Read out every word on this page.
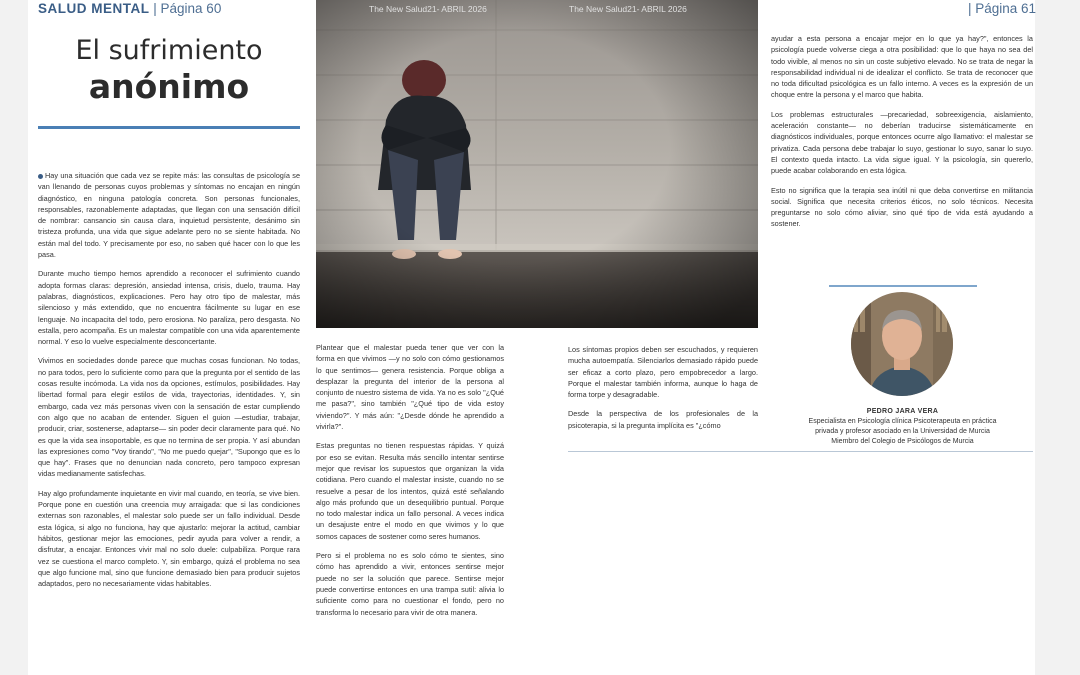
SALUD MENTAL | Página 60	| Página 61
El sufrimiento
anónimo
The New Salud21- ABRIL 2026	The New Salud21- ABRIL 2026

Hay una situación que cada vez se repite más: las consultas de psicología se van llenando de personas cuyos problemas y síntomas no encajan en ningún diagnóstico, en ninguna patología concreta. Son personas funcionales, responsables, razonablemente adaptadas, que llegan con una sensación difícil de nombrar: cansancio sin causa clara, inquietud persistente, desánimo sin tristeza profunda, una vida que sigue adelante pero no se siente habitada. No están mal del todo. Y precisamente por eso, no saben qué hacer con lo que les pasa.

Durante mucho tiempo hemos aprendido a reconocer el sufrimiento cuando adopta formas claras: depresión, ansiedad intensa, crisis, duelo, trauma. Hay palabras, diagnósticos, explicaciones. Pero hay otro tipo de malestar, más silencioso y más extendido, que no encuentra fácilmente su lugar en ese lenguaje. No incapacita del todo, pero erosiona. No paraliza, pero desgasta. No estalla, pero acompaña. Es un malestar compatible con una vida aparentemente normal. Y eso lo vuelve especialmente desconcertante.

Vivimos en sociedades donde parece que muchas cosas funcionan. No todas, no para todos, pero lo suficiente como para que la pregunta por el sentido de las cosas resulte incómoda. La vida nos da opciones, estímulos, posibilidades. Hay libertad formal para elegir estilos de vida, trayectorias, identidades. Y, sin embargo, cada vez más personas viven con la sensación de estar cumpliendo con algo que no acaban de entender. Siguen el guion —estudiar, trabajar, producir, criar, sostenerse, adaptarse— sin poder decir claramente para qué. No es que la vida sea insoportable, es que no termina de ser propia. Y así abundan las expresiones como "Voy tirando", "No me puedo quejar", "Supongo que es lo que hay". Frases que no denuncian nada concreto, pero tampoco expresan vidas medianamente satisfechas.

Hay algo profundamente inquietante en vivir mal cuando, en teoría, se vive bien. Porque pone en cuestión una creencia muy arraigada: que si las condiciones externas son razonables, el malestar solo puede ser un fallo individual. Desde esta lógica, si algo no funciona, hay que ajustarlo: mejorar la actitud, cambiar hábitos, gestionar mejor las emociones, pedir ayuda para volver a rendir, a disfrutar, a encajar. Entonces vivir mal no solo duele: culpabiliza. Porque rara vez se cuestiona el marco completo. Y, sin embargo, quizá el problema no sea que algo funcione mal, sino que funcione demasiado bien para producir sujetos adaptados, pero no necesariamente vidas habitables.

Plantear que el malestar pueda tener que ver con la forma en que vivimos —y no solo con cómo gestionamos lo que sentimos— genera resistencia. Porque obliga a desplazar la pregunta del interior de la persona al conjunto de nuestro sistema de vida. Ya no es solo "¿Qué me pasa?", sino también "¿Qué tipo de vida estoy viviendo?". Y más aún: "¿Desde dónde he aprendido a vivirla?".

Estas preguntas no tienen respuestas rápidas. Y quizá por eso se evitan. Resulta más sencillo intentar sentirse mejor que revisar los supuestos que organizan la vida cotidiana. Pero cuando el malestar insiste, cuando no se resuelve a pesar de los intentos, quizá esté señalando algo más profundo que un desequilibrio puntual. Porque no todo malestar indica un fallo personal. A veces indica un desajuste entre el modo en que vivimos y lo que somos capaces de sostener como seres humanos.

Pero si el problema no es solo cómo te sientes, sino cómo has aprendido a vivir, entonces sentirse mejor puede no ser la solución que parece. Sentirse mejor puede convertirse entonces en una trampa sutil: alivia lo suficiente como para no cuestionar el fondo, pero no transforma lo necesario para vivir de otra manera.

Los síntomas propios deben ser escuchados, y requieren mucha autoempatía. Silenciarlos demasiado rápido puede ser eficaz a corto plazo, pero empobrecedor a largo. Porque el malestar también informa, aunque lo haga de forma torpe y desagradable.

Desde la perspectiva de los profesionales de la psicoterapia, si la pregunta implícita es "¿cómo

ayudar a esta persona a encajar mejor en lo que ya hay?", entonces la psicología puede volverse ciega a otra posibilidad: que lo que haya no sea del todo vivible, al menos no sin un coste subjetivo elevado. No se trata de negar la responsabilidad individual ni de idealizar el conflicto. Se trata de reconocer que no toda dificultad psicológica es un fallo interno. A veces es la expresión de un choque entre la persona y el marco que habita.

Los problemas estructurales —precariedad, sobreexigencia, aislamiento, aceleración constante— no deberían traducirse sistemáticamente en diagnósticos individuales, porque entonces ocurre algo llamativo: el malestar se privatiza. Cada persona debe trabajar lo suyo, gestionar lo suyo, sanar lo suyo. El contexto queda intacto. La vida sigue igual. Y la psicología, sin quererlo, puede acabar colaborando en esta lógica.

Esto no significa que la terapia sea inútil ni que deba convertirse en militancia social. Significa que necesita criterios éticos, no solo técnicos. Necesita preguntarse no solo cómo aliviar, sino qué tipo de vida está ayudando a sostener.

PEDRO JARA VERA
Especialista en Psicología clínica Psicoterapeuta en práctica
privada y profesor asociado en la Universidad de Murcia
Miembro del Colegio de Psicólogos de Murcia
